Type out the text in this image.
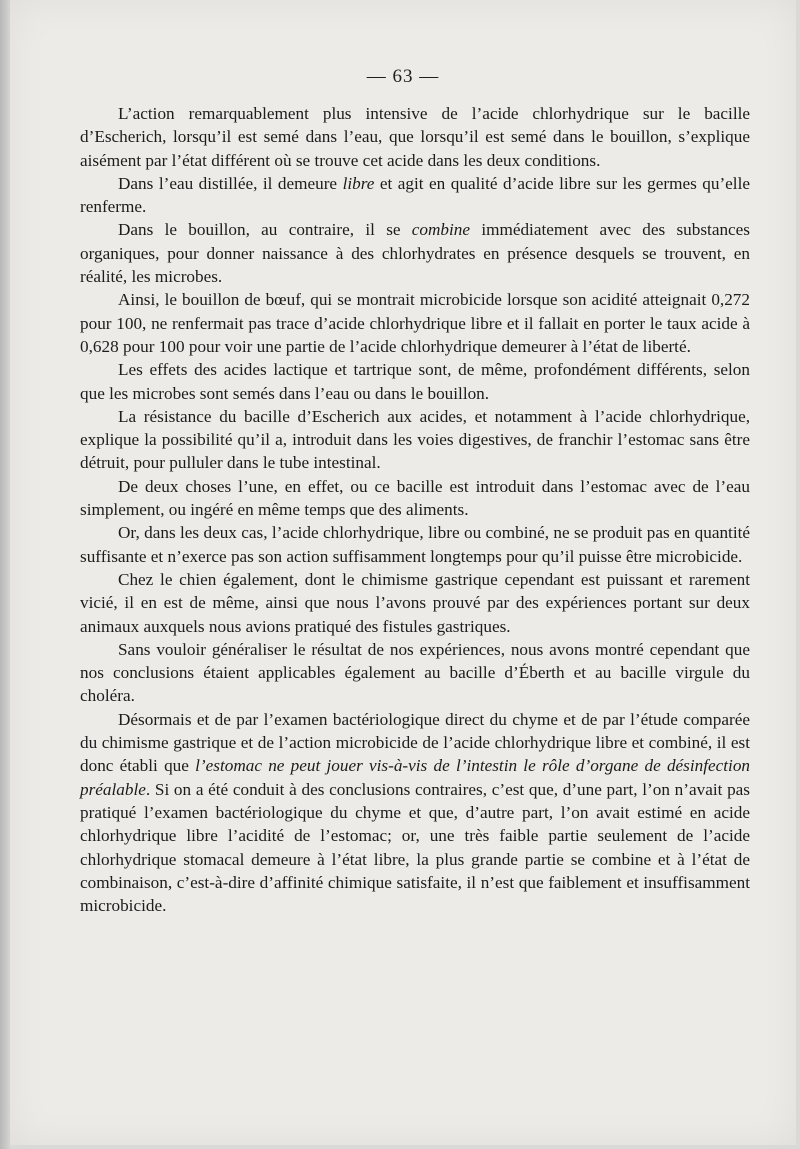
— 63 —

L’action remarquablement plus intensive de l’acide chlorhydrique sur le bacille d’Escherich, lorsqu’il est semé dans l’eau, que lorsqu’il est semé dans le bouillon, s’explique aisément par l’état différent où se trouve cet acide dans les deux conditions.

Dans l’eau distillée, il demeure libre et agit en qualité d’acide libre sur les germes qu’elle renferme.

Dans le bouillon, au contraire, il se combine immédiatement avec des substances organiques, pour donner naissance à des chlorhydrates en présence desquels se trouvent, en réalité, les microbes.

Ainsi, le bouillon de bœuf, qui se montrait microbicide lorsque son acidité atteignait 0,272 pour 100, ne renfermait pas trace d’acide chlorhydrique libre et il fallait en porter le taux acide à 0,628 pour 100 pour voir une partie de l’acide chlorhydrique demeurer à l’état de liberté.

Les effets des acides lactique et tartrique sont, de même, profondément différents, selon que les microbes sont semés dans l’eau ou dans le bouillon.

La résistance du bacille d’Escherich aux acides, et notamment à l’acide chlorhydrique, explique la possibilité qu’il a, introduit dans les voies digestives, de franchir l’estomac sans être détruit, pour pulluler dans le tube intestinal.

De deux choses l’une, en effet, ou ce bacille est introduit dans l’estomac avec de l’eau simplement, ou ingéré en même temps que des aliments.

Or, dans les deux cas, l’acide chlorhydrique, libre ou combiné, ne se produit pas en quantité suffisante et n’exerce pas son action suffisamment longtemps pour qu’il puisse être microbicide.

Chez le chien également, dont le chimisme gastrique cependant est puissant et rarement vicié, il en est de même, ainsi que nous l’avons prouvé par des expériences portant sur deux animaux auxquels nous avions pratiqué des fistules gastriques.

Sans vouloir généraliser le résultat de nos expériences, nous avons montré cependant que nos conclusions étaient applicables également au bacille d’Éberth et au bacille virgule du choléra.

Désormais et de par l’examen bactériologique direct du chyme et de par l’étude comparée du chimisme gastrique et de l’action microbicide de l’acide chlorhydrique libre et combiné, il est donc établi que l’estomac ne peut jouer vis-à-vis de l’intestin le rôle d’organe de désinfection préalable. Si on a été conduit à des conclusions contraires, c’est que, d’une part, l’on n’avait pas pratiqué l’examen bactériologique du chyme et que, d’autre part, l’on avait estimé en acide chlorhydrique libre l’acidité de l’estomac; or, une très faible partie seulement de l’acide chlorhydrique stomacal demeure à l’état libre, la plus grande partie se combine et à l’état de combinaison, c’est-à-dire d’affinité chimique satisfaite, il n’est que faiblement et insuffisamment microbicide.
